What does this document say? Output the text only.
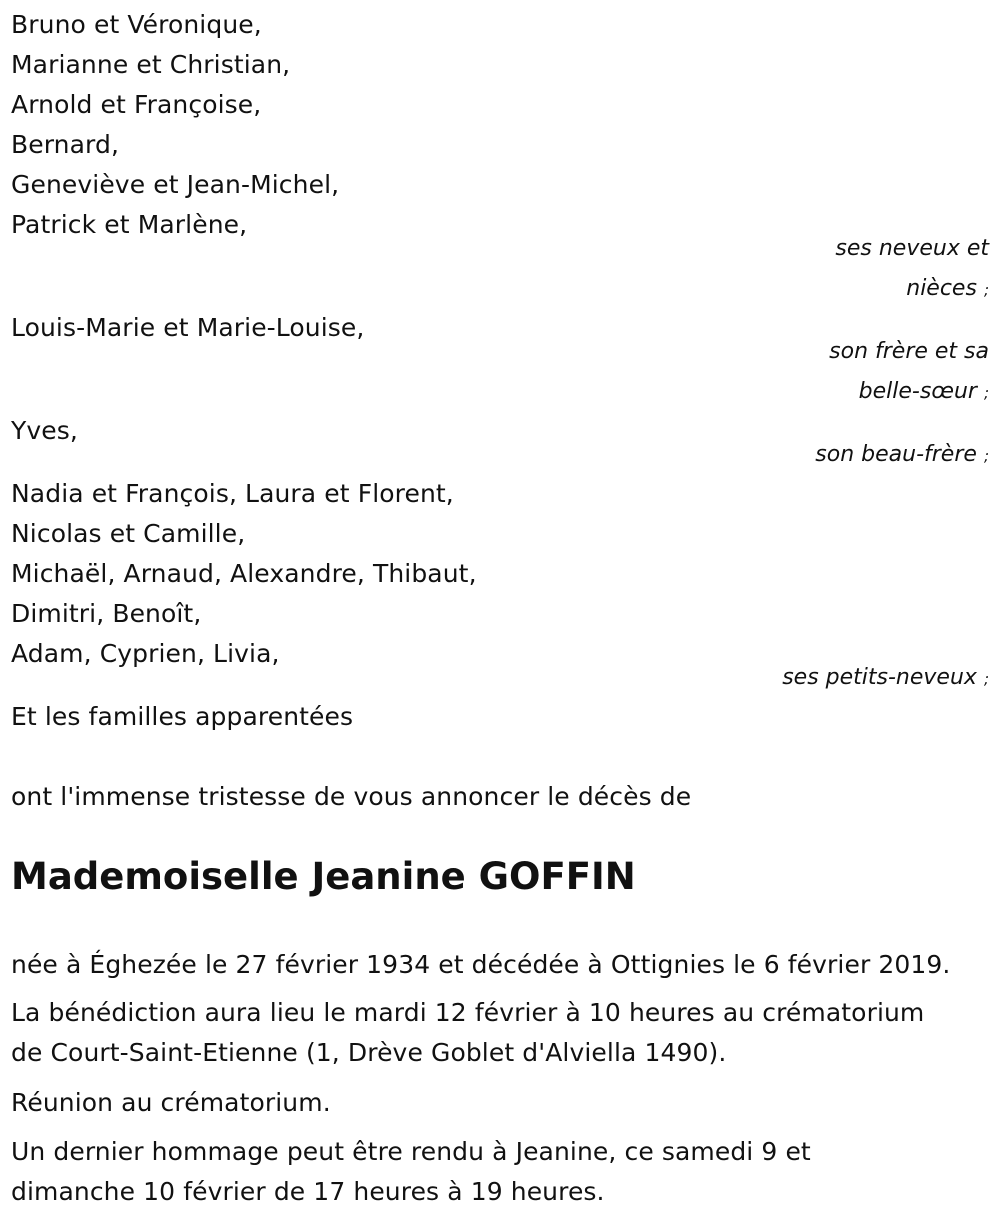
Bruno et Véronique,
Marianne et Christian,
Arnold et Françoise,
Bernard,
Geneviève et Jean-Michel,
Patrick et Marlène,
ses neveux et
nièces ;
Louis-Marie et Marie-Louise,
son frère et sa
belle-sœur ;
Yves,
son beau-frère ;
Nadia et François, Laura et Florent,
Nicolas et Camille,
Michaël, Arnaud, Alexandre, Thibaut,
Dimitri, Benoît,
Adam, Cyprien, Livia,
ses petits-neveux ;
Et les familles apparentées
ont l'immense tristesse de vous annoncer le décès de
Mademoiselle Jeanine GOFFIN
née à Éghezée le 27 février 1934 et décédée à Ottignies le 6 février 2019.
La bénédiction aura lieu le mardi 12 février à 10 heures au crématorium
de Court-Saint-Etienne (1, Drève Goblet d'Alviella 1490).
Réunion au crématorium.
Un dernier hommage peut être rendu à Jeanine, ce samedi 9 et
dimanche 10 février de 17 heures à 19 heures.
